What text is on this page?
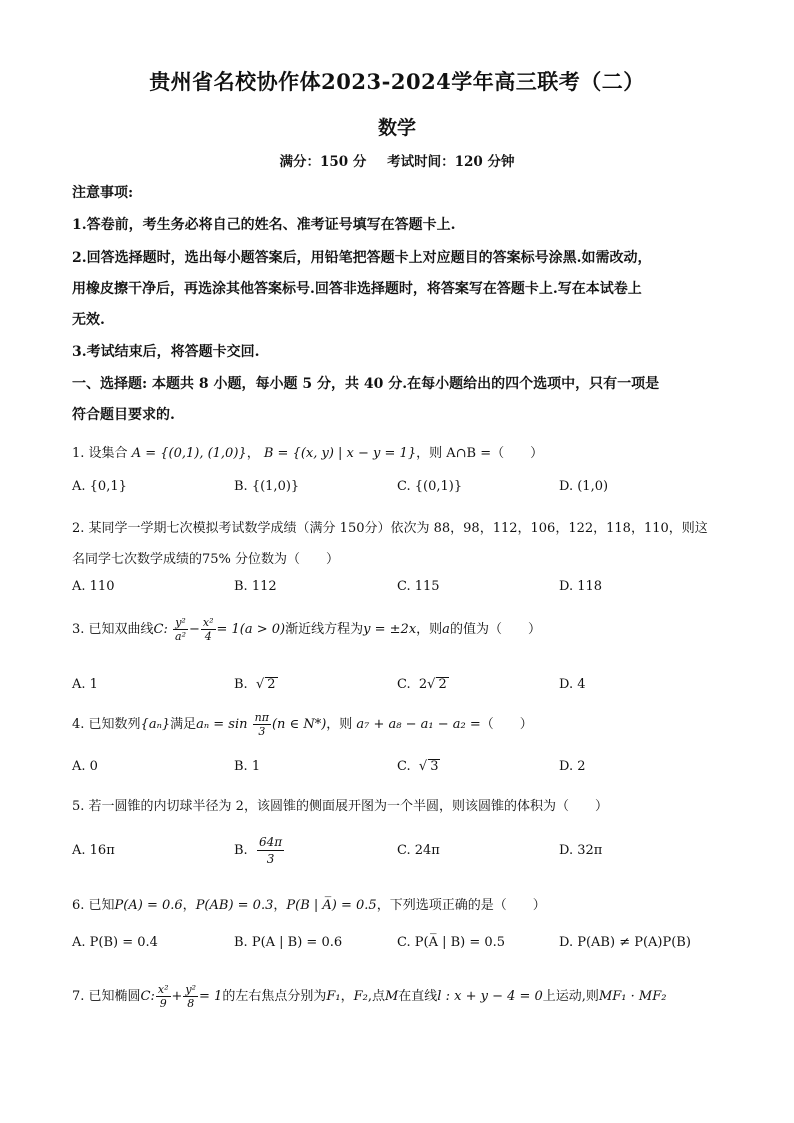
贵州省名校协作体2023-2024学年高三联考（二）
数学
满分：150 分 考试时间：120 分钟
注意事项:
1.答卷前，考生务必将自己的姓名、准考证号填写在答题卡上.
2.回答选择题时，选出每小题答案后，用铅笔把答题卡上对应题目的答案标号涂黑.如需改动，
用橡皮擦干净后，再选涂其他答案标号.回答非选择题时，将答案写在答题卡上.写在本试卷上
无效.
3.考试结束后，将答题卡交回.
一、选择题: 本题共 8 小题，每小题 5 分，共 40 分.在每小题给出的四个选项中，只有一项是
符合题目要求的.
1. 设集合 A = {(0,1), (1,0)}， B = {(x, y) | x − y = 1}，则 A∩B =（　　）
A. {0,1}	B. {(1,0)}	C. {(0,1)}	D. (1,0)
2. 某同学一学期七次模拟考试数学成绩（满分 150分）依次为 88，98，112，106，122，118，110，则这
名同学七次数学成绩的75% 分位数为（　　）
A. 110	B. 112	C. 115	D. 118
3. 已知双曲线C: $\frac{\text{y²}}{\text{a²}} - \frac{\text{x²}}{4} = 1(a > 0)$渐近线方程为y = ±2x，则a的值为（　　）
A. 1	B.  √ 2	C. 2√ 2	D. 4
4. 已知数列{aₙ}满足$a_n = \sin \frac{n\pi}{3} (n$ ∈ N*)，则 a₇ + a₈ − a₁ − a₂ =（　　）
A. 0	B. 1	C.  √ 3	D. 2
5. 若一圆锥的内切球半径为 2，该圆锥的侧面展开图为一个半圆，则该圆锥的体积为（　　）
A. 16π	B. $\frac{64\pi}{3}$	C. 24π	D. 32π
6. 已知P(A) = 0.6，P(AB) = 0.3，P(B | A̅) = 0.5，下列选项正确的是（　　）
A. P(B) = 0.4	B. P(A | B) = 0.6	C. P(A̅ | B) = 0.5	D. P(AB) ≠ P(A)P(B)
7. 已知椭圆C: $\frac{\text{x²}}{9} + \frac{\text{y²}}{8} = 1$的左右焦点分别为F₁，F₂,点M在直线l : x + y − 4 = 0上运动,则MF₁ · MF₂
